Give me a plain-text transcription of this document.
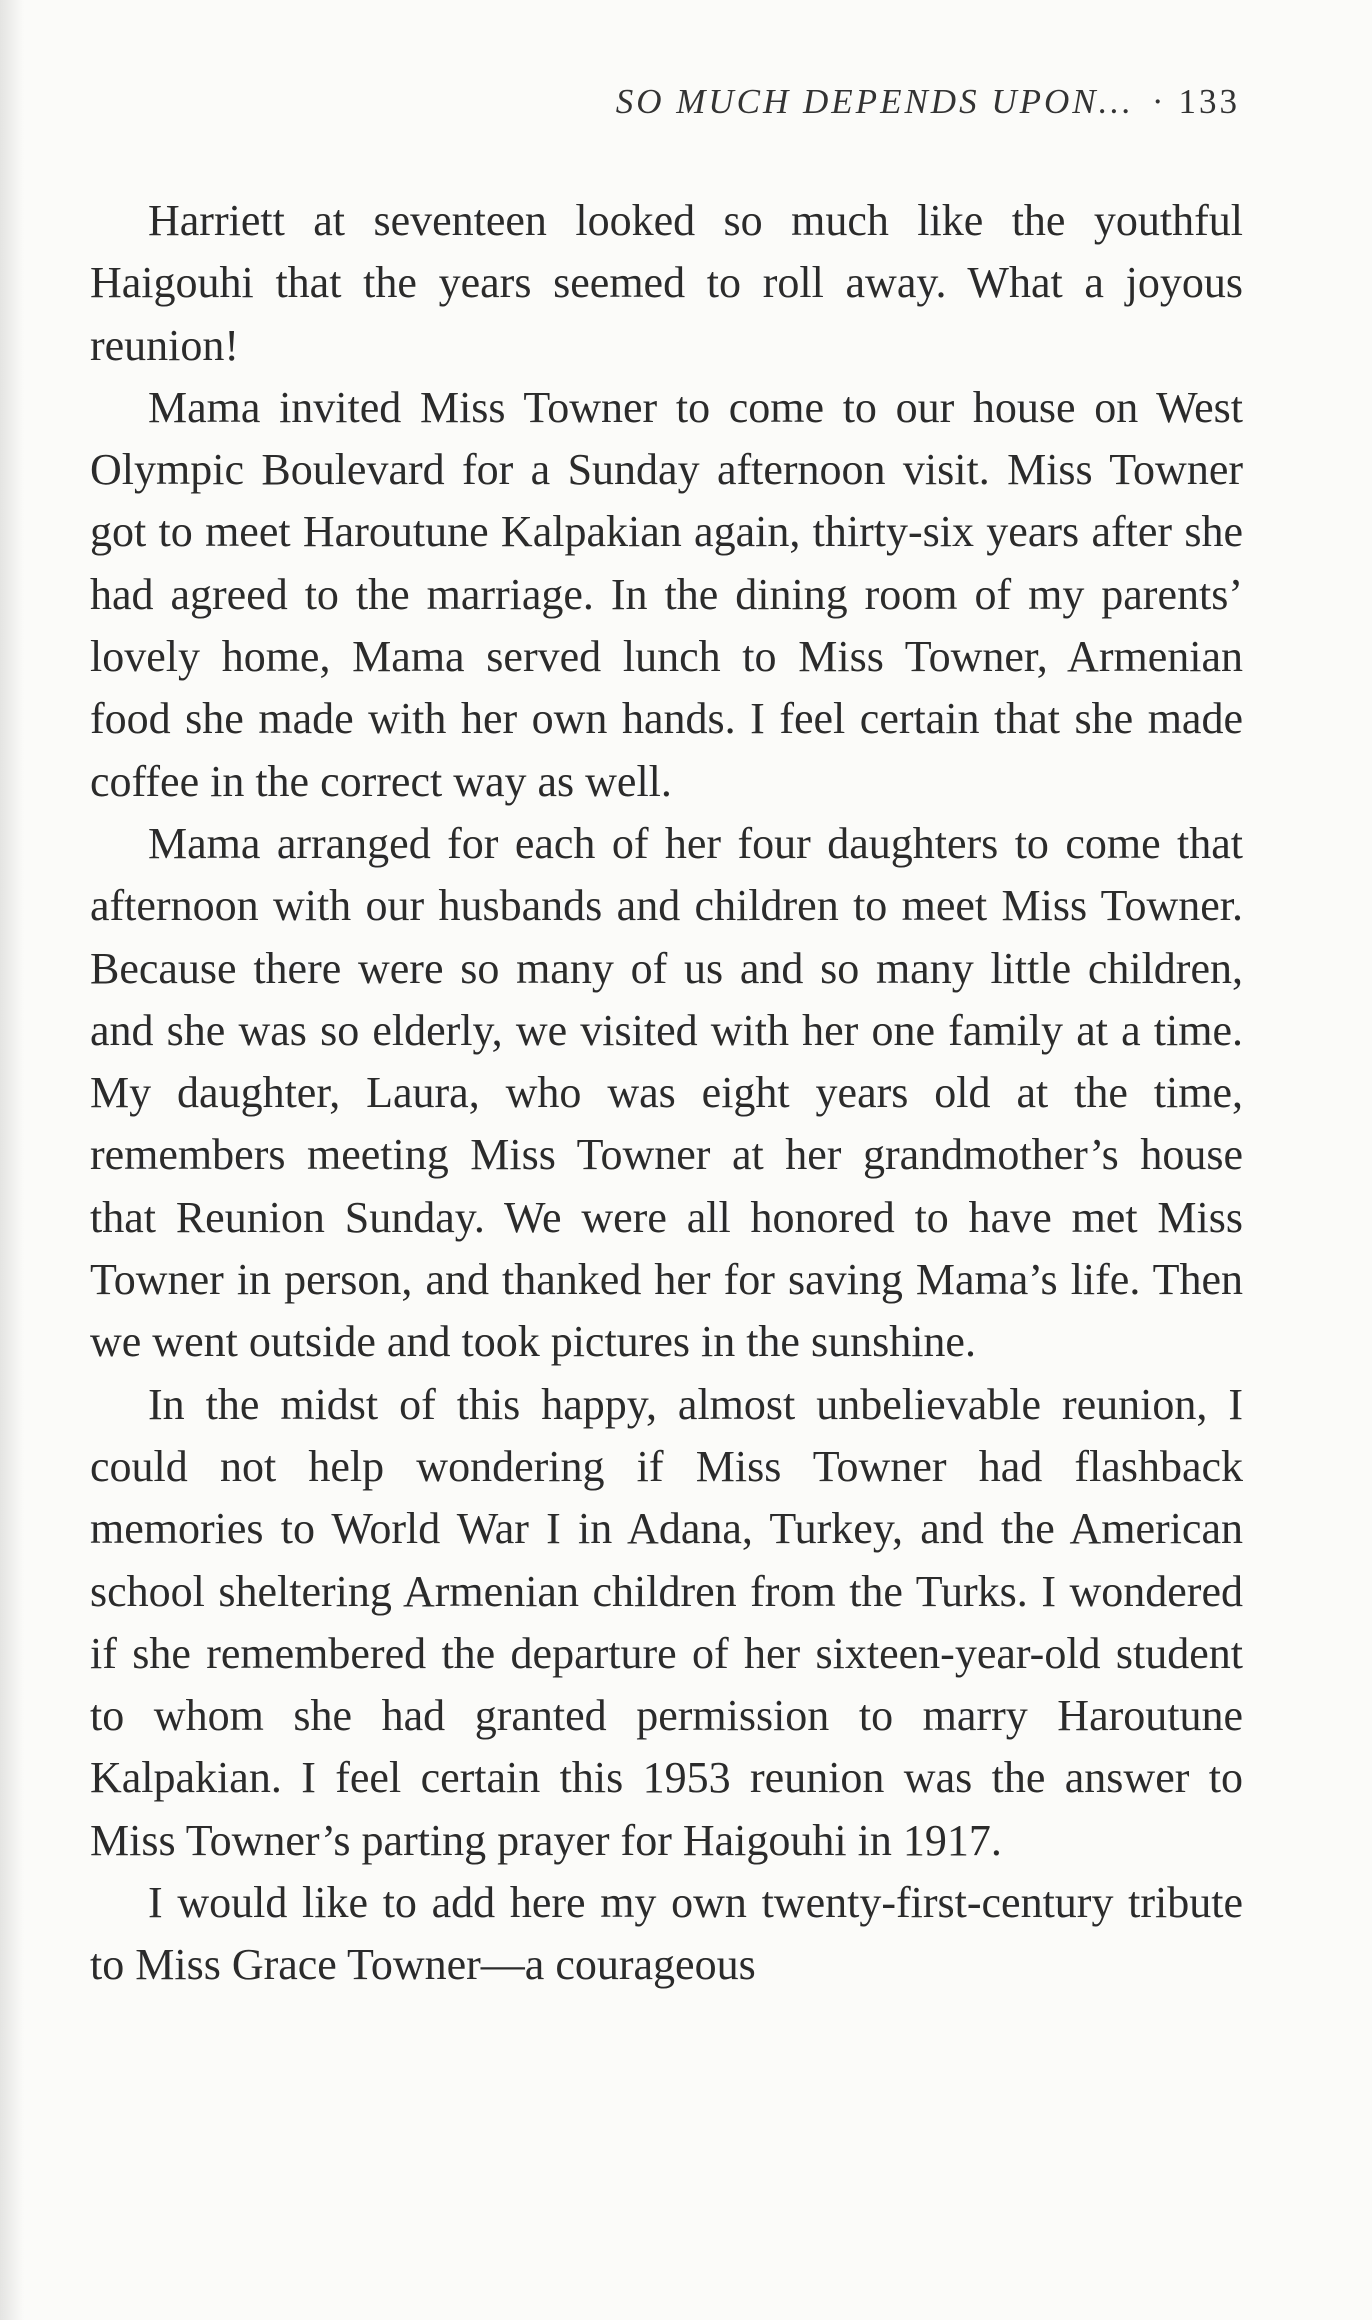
SO MUCH DEPENDS UPON... · 133

Harriett at seventeen looked so much like the youthful Haigouhi that the years seemed to roll away. What a joyous reunion!

Mama invited Miss Towner to come to our house on West Olympic Boulevard for a Sunday afternoon visit. Miss Towner got to meet Haroutune Kalpakian again, thirty-six years after she had agreed to the marriage. In the dining room of my parents’ lovely home, Mama served lunch to Miss Towner, Armenian food she made with her own hands. I feel certain that she made coffee in the correct way as well.

Mama arranged for each of her four daughters to come that afternoon with our husbands and children to meet Miss Towner. Because there were so many of us and so many little children, and she was so elderly, we visited with her one family at a time. My daughter, Laura, who was eight years old at the time, remembers meeting Miss Towner at her grandmother’s house that Reunion Sunday. We were all honored to have met Miss Towner in person, and thanked her for saving Mama’s life. Then we went outside and took pictures in the sunshine.

In the midst of this happy, almost unbelievable reunion, I could not help wondering if Miss Towner had flashback memories to World War I in Adana, Turkey, and the American school sheltering Armenian children from the Turks. I wondered if she remembered the departure of her sixteen-year-old student to whom she had granted permission to marry Haroutune Kalpakian. I feel certain this 1953 reunion was the answer to Miss Towner’s parting prayer for Haigouhi in 1917.

I would like to add here my own twenty-first-century tribute to Miss Grace Towner—a courageous
